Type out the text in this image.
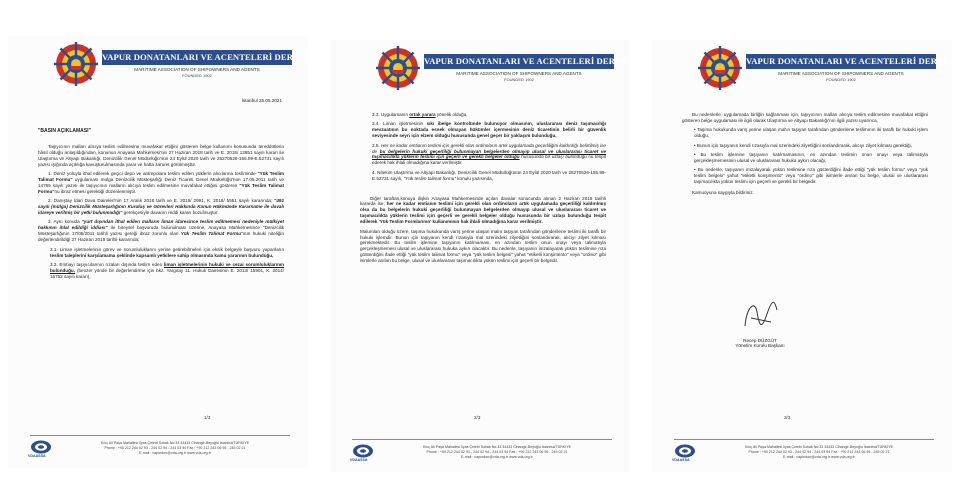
VAPUR DONATANLARI VE ACENTELERİ DERNEĞİ
MARITIME ASSOCIATION OF SHIPOWNERS AND AGENTS
FOUNDED 1902
İstanbul 25.05.2021
"BASIN AÇIKLAMASI"

Taşıyıcının malları alıcıya teslim edilmesine muvafakat ettiğini gösteren belge kullanımı konusunda tereddütlerin hâsıl olduğu anlaşıldığından, konunun Anayasa Mahkemesi'nin 27 Haziran 2018 tarih ve E. 2015/ 13851 sayılı kararı ile Ulaştırma ve Altyapı Bakanlığı, Denizcilik Genel Müdürlüğü'nün 24 Eylül 2020 tarih ve 25270526-155.99-E.52731 sayılı yazısı ışığında açıklığa kavuşturulmasında yarar ve hatta zaruret görülmüştür.

1. Deniz yoluyla ithal edilerek geçici depo ve antrepolara teslim edilen yüklerin alıcılarına teslíminde "Yük Teslim Talimat Formu" uygulaması mülga Denizcilik Müsteşarlığı Deniz Ticareti Genel Müdürlüğü'nün 17.05.2011 tarih ve 14765 sayılı yazısı ile taşıyıcının malların alıcıya teslim edilmesine muvafakat ettiğini gösteren "Yük Teslim Talimat Formu"nu ibraz etmesi gerektiği düzenlenmiştir.

2. Danıştay İdari Dava Daireleri'nin 17 Aralık 2018 tarih ve E. 2016/ 2991, K. 2018/ 5551 sayılı kararında; "491 sayılı (mülga) Denizcilik Müsteşarlığının Kuruluş ve Görevleri Hakkında Kanun Hükmünde Kararname ile davalı idareye verilmiş bir yetki bulunmadığı" gerekçesiyle davanın reddi kararı bozulmuştur.

3. Aynı konuda "yurt dışından ithal edilen malların liman idaresince teslim edilmemesi nedeniyle mülkiyet hakkının ihlal edildiği iddiası" ile bireysel başvuruda bulunulması üzerine, Anayasa Mahkemesince "Denizcilik Müsteşarlığının 17/05/2011 tarihli yazısı gereği ibraz zorunlu olan Yük Teslim Talimat Formu"nun hukuki niteliğin değerlendirildiği 27 Haziran 2018 tarihli kararında;

3.1. Liman işletmelerinin görev ve sorumluluklarını yerine getirebilmeleri için eksik belgeyle başvuru yapanların teslim taleplerini karşılamama şeklinde kapsamlı yetkilere sahip olmasında kamu yararının bulunduğu,

3.2. Emtiayı taşıyıcılarının rızaları dışında teslim eden liman işletmelerinin hukuki ve cezai sorumluluklarının bulunduğu, (benzer yönde bir değerlendirme için bkz. Yargıtay 11. Hukuk Dairesinin E. 2013/ 15901, K. 2014/ 16752 sayılı kararı),

1/3
VDAASSA
Kılıç Ali Paşa Mahallesi İlyas Çelebi Sokak No:33 34433 Cihangir-Beyoğlu İstanbul/TÜRKİYE
Phone : +90 212 244 02 93 - 244 02 94 - 244 03 94 Fax : +90 212 243 06 95 - 245 02 21
E-mail : vapurdon@vda.org.tr www.vda.org.tr
VAPUR DONATANLARI VE ACENTELERİ DERNEĞİ
MARITIME ASSOCIATION OF SHIPOWNERS AND AGENTS
FOUNDED 1902

3.3. Uygulamanın ortak yarara yönelik olduğu,

3.4. Liman işletmesinin sıkı ibelge kontrolünde bulunuyor olmasının, uluslararası deniz taşımacılığı mevzuatının bu noktada esnek olmayan hükümler içermesinin deniz ticaretinin belirli bir güvenlik seviyesinde seyri için elzem olduğu hususunda genel geçer bir yaklaşım bulunduğu,

3.5. Her ne kadar emtianın teslimi için gerekli olan ordinoların artık uygulamada geçerliliğini kaldırdığı belirtilmiş ise de bu belgelerin hukuki geçerliliği bulunmayan belgelerden olmayıp ulusal ve uluslararası ticaret ve taşımacılıkta yüklerin teslimi için geçerli ve gerekli belgeler olduğu hususunda bir uzlaşı bulunduğu nu tespit ederek hak ihlali olmadığına karar verilmiştir.

4. Nitekim Ulaştırma ve Altyapı Bakanlığı, Denizcilik Genel Müdürlüğünün 24 Eylül 2020 tarih ve 25270526-155.99-E.52731 sayılı, "Yük teslim talimat formu" konulu yazısında,

Diğer taraftan,konuya ilişkin Anayasa Mahkemesinde açılan davalar sonucunda alınan 2 Haziran 2018 tarihli kararda ise; her ne kadar emtianın teslimi için gerekli olan ordinoların artık uygulamada geçerliliği kaldırılmış olsa da bu belgelerin hukuki geçerliliği bulunmayan belgelerden olmayıp ulusal ve uluslararası ticaret ve taşımacılıkta yüklerin teslimi için geçerli ve gerekli belgeler olduğu hususunda bir uzlaşı bulunduğu tespit edilerek 'Yük Teslim Formlarının' kullanımının hak ihlali olmadığına karar verilmiştir.

Malumları olduğu üzere, taşıma hukukunda varış yerine ulaşan malın taşıyan tarafından gönderilene teslimi iki taraflı bir hukuki işlemdir. Bunun için taşıyanın kendi rızasıyla mal üzerindeki zilyetliğini sonlandırarak, alıcıyı zilyet kılması gerekmektedir. Bu teslim işlemine taşıyanın katılmaması, en azından teslim onun onayı veya talimatıyla gerçekleşmemesi ulusal ve uluslararası hukuka aykırı olacaktır. Bu nedenle, taşıyanın imzalayarak yükün teslimine rıza gösterdiğini ifade ettiği "yük teslim talimat formu" veya "yük teslim belgesi" yahut "etiketli konşimento" veya "ordino" gibi isimlerle anılan bu belge, ulusal ve uluslararası taşımacılıkta yükün teslimi için geçerli bir belgedir.

2/3
VDAASSA
Kılıç Ali Paşa Mahallesi İlyas Çelebi Sokak No:33 34433 Cihangir-Beyoğlu İstanbul/TÜRKİYE
Phone : +90 212 244 02 93 - 244 02 94 - 244 03 94 Fax : +90 212 243 06 95 - 245 02 21
E-mail : vapurdon@vda.org.tr www.vda.org.tr
VAPUR DONATANLARI VE ACENTELERİ DERNEĞİ
MARITIME ASSOCIATION OF SHIPOWNERS AND AGENTS
FOUNDED 1902

Bu nedenlerle, uygulamada birliğin sağlanması için, taşıyıcının malları alıcıya teslim edilmesine muvafakat ettiğini gösteren belge uygulaması ile ilgili olarak Ulaştırma ve Altyapı Bakanlığı'nın ilgili yazısı uyarınca,

• Taşıma hukukunda varış yerine ulaşan mal'ın taşıyan tarafından gönderilene teslimının iki taraflı bir hukuki işlem olduğu,

• Bunun için taşıyanın kendi rızasıyla mal üzerindeki zilyetliğini sonlandırarak, alıcıyı zilyet kılması gerektiği,

• Bu teslim işlemine taşıyanın katılmamasının, en azından teslimin onun onayı veya talimatıyla gerçekleşmemesinin ulusal ve uluslararası hukuka aykırı olacağı,

• Bu nedenle, taşıyanın imzalayarak yükün teslimine rıza gösterdiğini ifade ettiği "yük teslim formu" veya "yük teslim belgesi" yahut "etiketli konşimento" veya "ordino" gibi isimlerle anılan bu belge, ulusal ve uluslararası taşımacılıkta yükün teslimi için geçerli ve gerekli bir belgedir.

Kamuoyuna saygıyla bildiriniz.

Recep DÜZGÜT
Yönetim Kurulu Başkanı
3/3
VDAASSA
Kılıç Ali Paşa Mahallesi İlyas Çelebi Sokak No:33 34433 Cihangir-Beyoğlu İstanbul/TÜRKİYE
Phone : +90 212 244 02 93 - 244 02 94 - 244 03 94 Fax : +90 212 243 06 95 - 245 02 21
E-mail : vapurdon@vda.org.tr www.vda.org.tr
